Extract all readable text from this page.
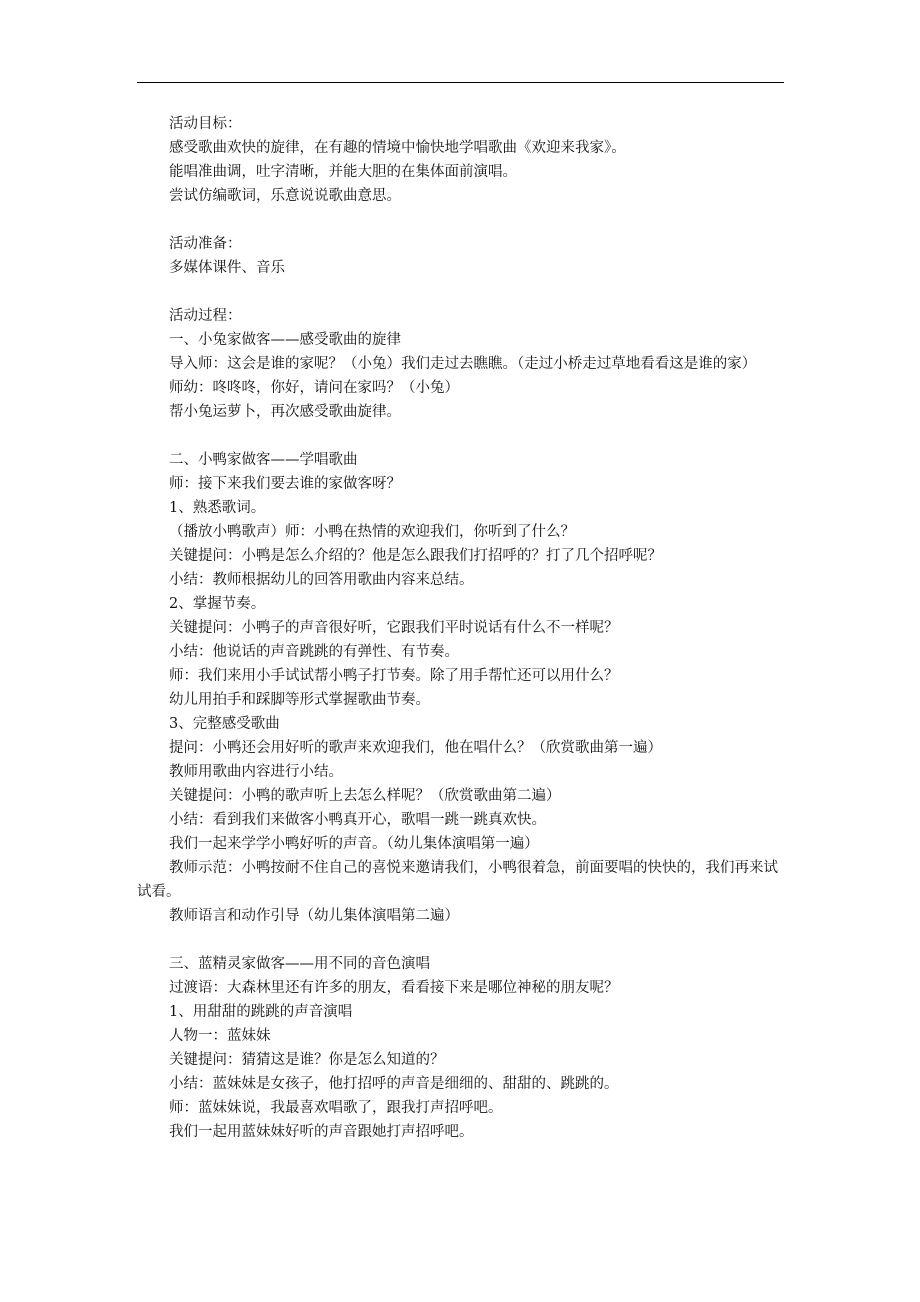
活动目标：

感受歌曲欢快的旋律，在有趣的情境中愉快地学唱歌曲《欢迎来我家》。

能唱准曲调，吐字清晰，并能大胆的在集体面前演唱。

尝试仿编歌词，乐意说说歌曲意思。

活动准备：

多媒体课件、音乐

活动过程：

一、小兔家做客——感受歌曲的旋律

导入师：这会是谁的家呢？（小兔）我们走过去瞧瞧。（走过小桥走过草地看看这是谁的家）

师幼：咚咚咚，你好，请问在家吗？（小兔）

帮小兔运萝卜，再次感受歌曲旋律。

二、小鸭家做客——学唱歌曲

师：接下来我们要去谁的家做客呀？

1、熟悉歌词。

（播放小鸭歌声）师：小鸭在热情的欢迎我们，你听到了什么？

关键提问：小鸭是怎么介绍的？他是怎么跟我们打招呼的？打了几个招呼呢？

小结：教师根据幼儿的回答用歌曲内容来总结。

2、掌握节奏。

关键提问：小鸭子的声音很好听，它跟我们平时说话有什么不一样呢？

小结：他说话的声音跳跳的有弹性、有节奏。

师：我们来用小手试试帮小鸭子打节奏。除了用手帮忙还可以用什么？

幼儿用拍手和踩脚等形式掌握歌曲节奏。

3、完整感受歌曲

提问：小鸭还会用好听的歌声来欢迎我们，他在唱什么？（欣赏歌曲第一遍）

教师用歌曲内容进行小结。

关键提问：小鸭的歌声听上去怎么样呢？（欣赏歌曲第二遍）

小结：看到我们来做客小鸭真开心，歌唱一跳一跳真欢快。

我们一起来学学小鸭好听的声音。（幼儿集体演唱第一遍）

教师示范：小鸭按耐不住自己的喜悦来邀请我们，小鸭很着急，前面要唱的快快的，我们再来试试看。

教师语言和动作引导（幼儿集体演唱第二遍）

三、蓝精灵家做客——用不同的音色演唱

过渡语：大森林里还有许多的朋友，看看接下来是哪位神秘的朋友呢？

1、用甜甜的跳跳的声音演唱

人物一：蓝妹妹

关键提问：猜猜这是谁？你是怎么知道的？

小结：蓝妹妹是女孩子，他打招呼的声音是细细的、甜甜的、跳跳的。

师：蓝妹妹说，我最喜欢唱歌了，跟我打声招呼吧。

我们一起用蓝妹妹好听的声音跟她打声招呼吧。
